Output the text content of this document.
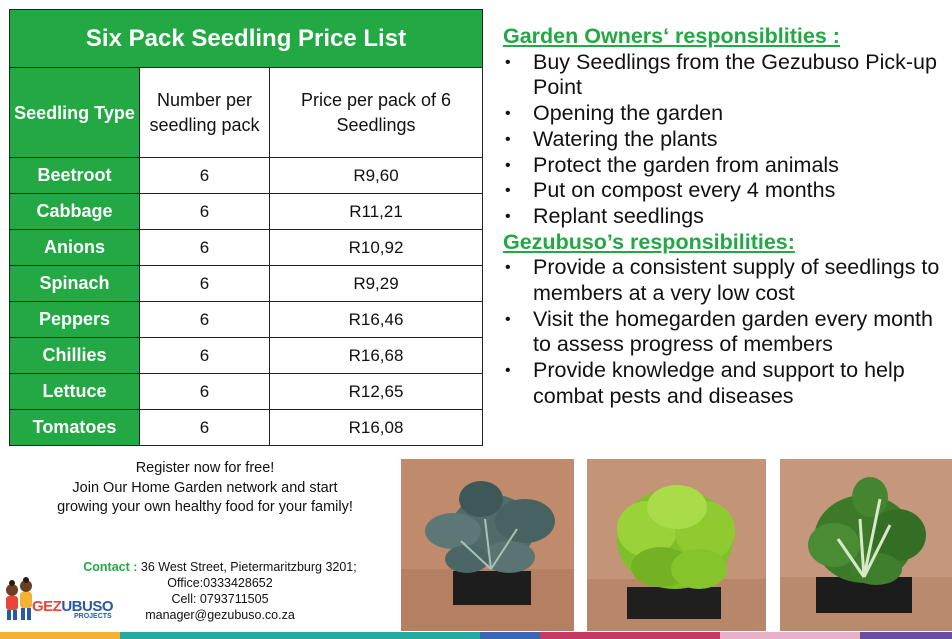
Six Pack Seedling Price List		
Seedling Type	Number per seedling pack	Price per pack of 6 Seedlings
Beetroot	6	R9,60
Cabbage	6	R11,21
Anions	6	R10,92
Spinach	6	R9,29
Peppers	6	R16,46
Chillies	6	R16,68
Lettuce	6	R12,65
Tomatoes	6	R16,08
Garden Owners‘ responsiblities :
• Buy Seedlings from the Gezubuso Pick-up Point
• Opening the garden
• Watering the plants
• Protect the garden from animals
• Put on compost every 4 months
• Replant seedlings
Gezubuso’s responsibilities:
• Provide a consistent supply of seedlings to members at a very low cost
• Visit the homegarden garden every month to assess progress of members
• Provide knowledge and support to help combat pests and diseases
Register now for free!
Join Our Home Garden network and start
growing your own healthy food for your family!
Contact : 36 West Street, Pietermaritzburg 3201;
Office:0333428652
Cell: 0793711505
manager@gezubuso.co.za
GEZUBUSO
PROJECTS
